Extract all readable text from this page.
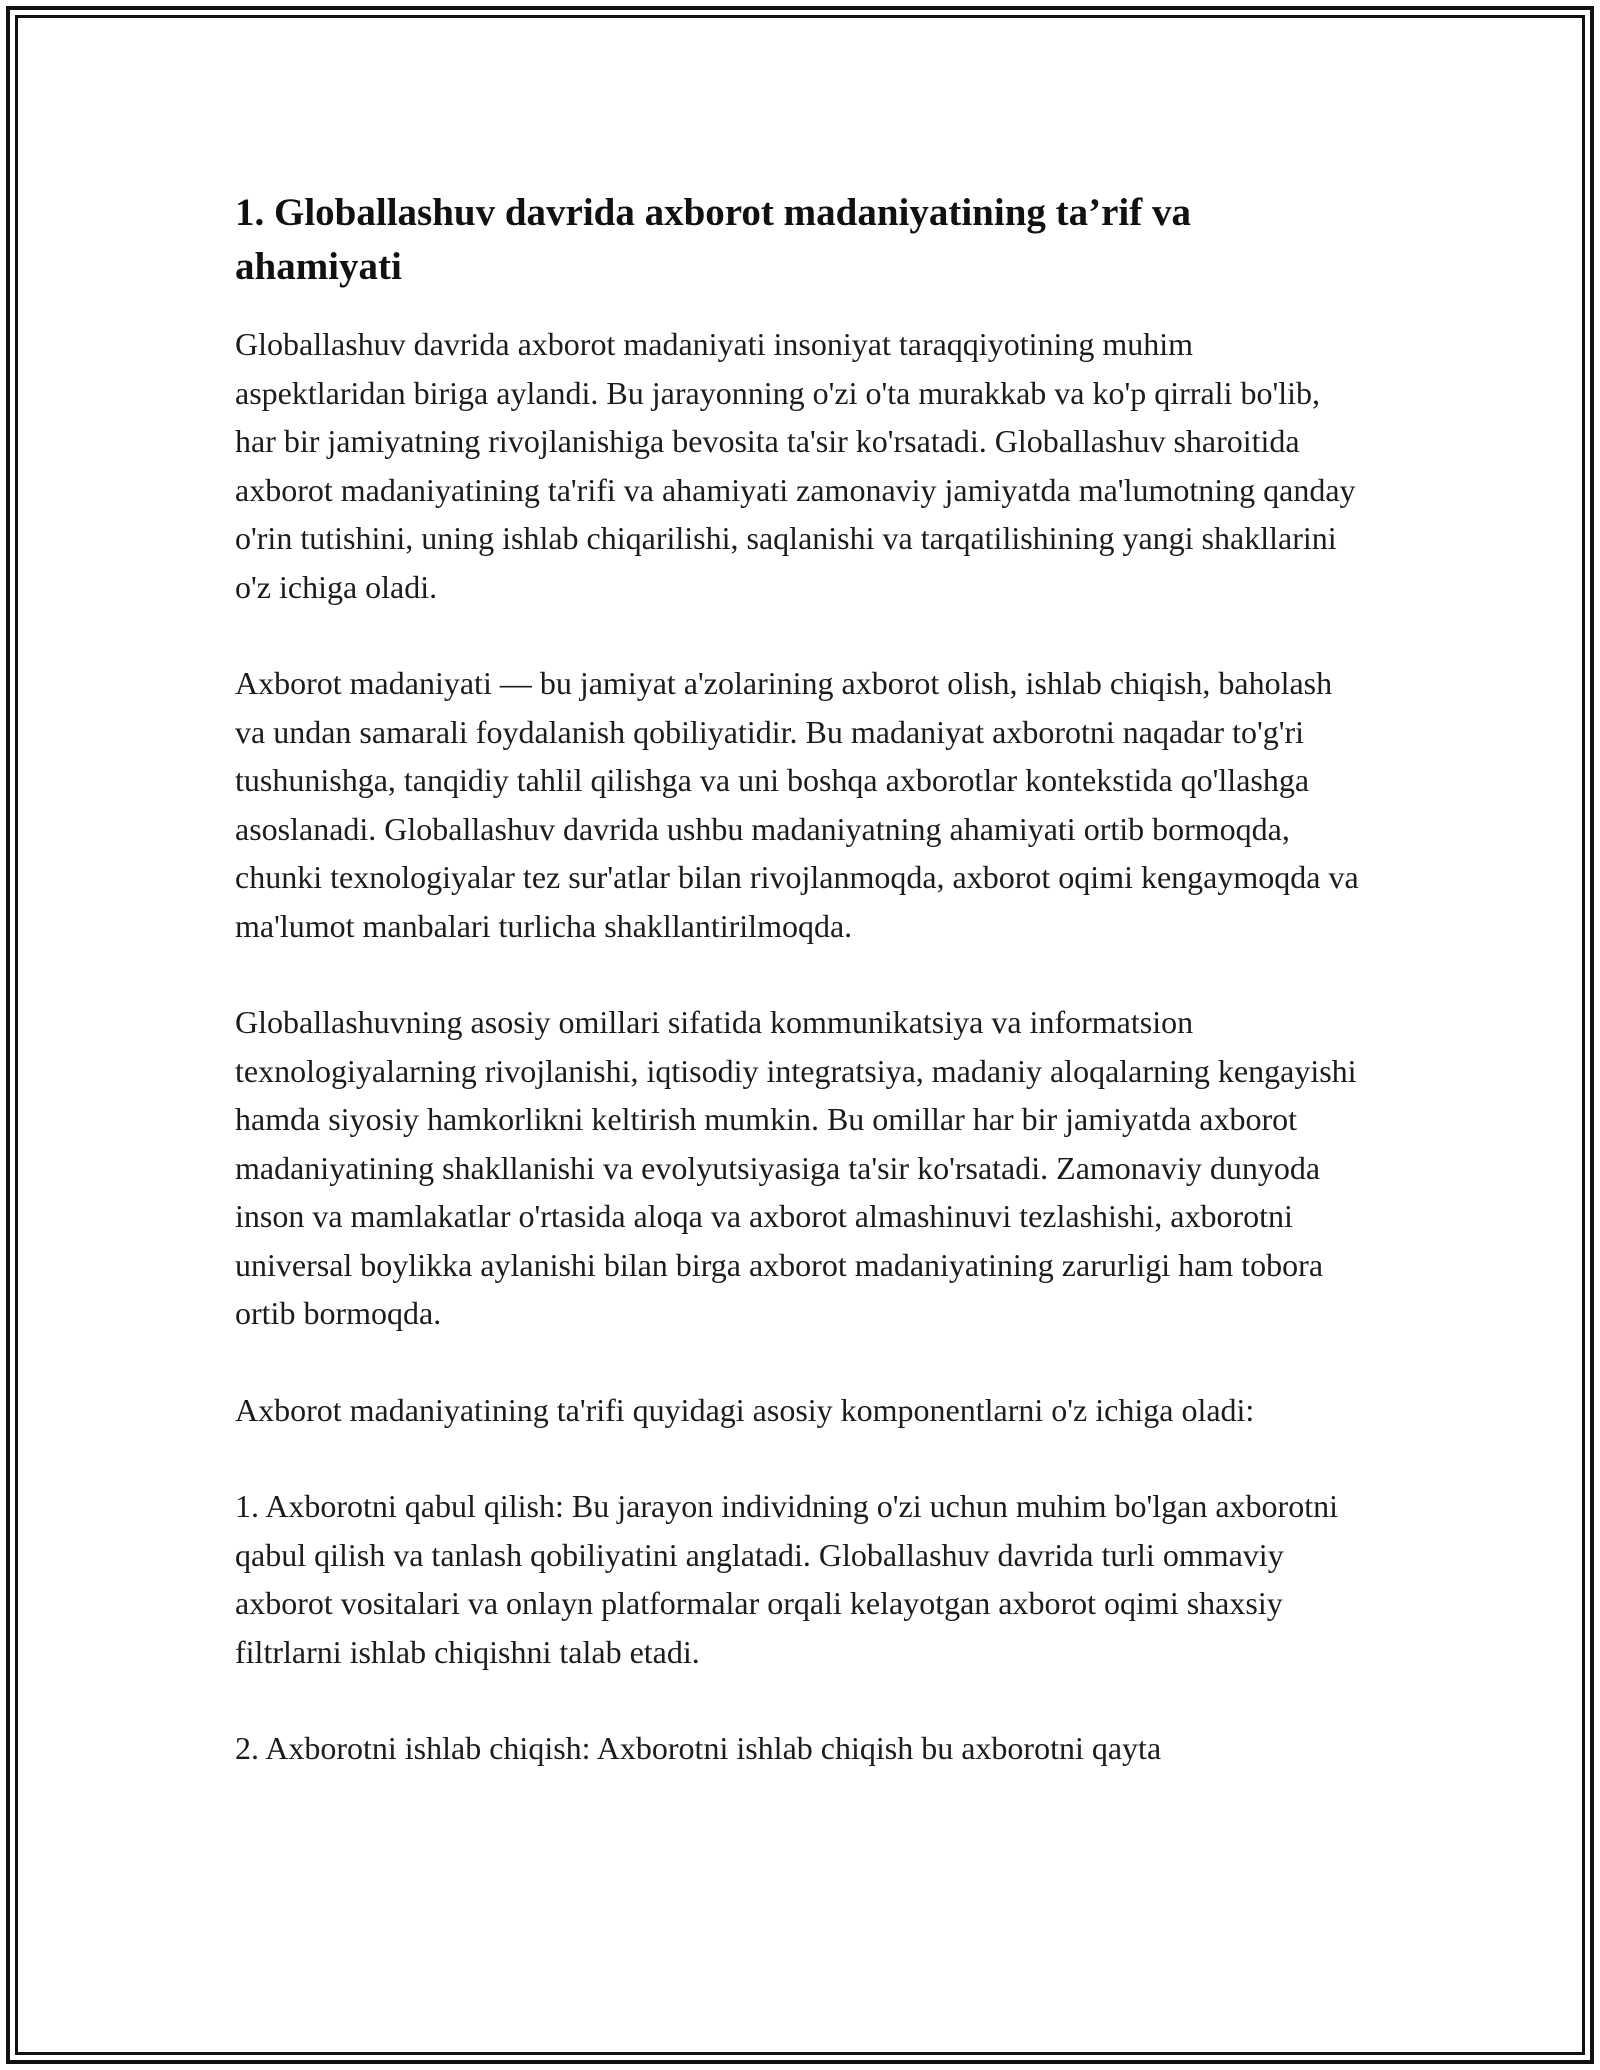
1. Globallashuv davrida axborot madaniyatining ta’rif va ahamiyati

Globallashuv davrida axborot madaniyati insoniyat taraqqiyotining muhim aspektlaridan biriga aylandi. Bu jarayonning o'zi o'ta murakkab va ko'p qirrali bo'lib, har bir jamiyatning rivojlanishiga bevosita ta'sir ko'rsatadi. Globallashuv sharoitida axborot madaniyatining ta'rifi va ahamiyati zamonaviy jamiyatda ma'lumotning qanday o'rin tutishini, uning ishlab chiqarilishi, saqlanishi va tarqatilishining yangi shakllarini o'z ichiga oladi.

Axborot madaniyati — bu jamiyat a'zolarining axborot olish, ishlab chiqish, baholash va undan samarali foydalanish qobiliyatidir. Bu madaniyat axborotni naqadar to'g'ri tushunishga, tanqidiy tahlil qilishga va uni boshqa axborotlar kontekstida qo'llashga asoslanadi. Globallashuv davrida ushbu madaniyatning ahamiyati ortib bormoqda, chunki texnologiyalar tez sur'atlar bilan rivojlanmoqda, axborot oqimi kengaymoqda va ma'lumot manbalari turlicha shakllantirilmoqda.

Globallashuvning asosiy omillari sifatida kommunikatsiya va informatsion texnologiyalarning rivojlanishi, iqtisodiy integratsiya, madaniy aloqalarning kengayishi hamda siyosiy hamkorlikni keltirish mumkin. Bu omillar har bir jamiyatda axborot madaniyatining shakllanishi va evolyutsiyasiga ta'sir ko'rsatadi. Zamonaviy dunyoda inson va mamlakatlar o'rtasida aloqa va axborot almashinuvi tezlashishi, axborotni universal boylikka aylanishi bilan birga axborot madaniyatining zarurligi ham tobora ortib bormoqda.

Axborot madaniyatining ta'rifi quyidagi asosiy komponentlarni o'z ichiga oladi:

1. Axborotni qabul qilish: Bu jarayon individning o'zi uchun muhim bo'lgan axborotni qabul qilish va tanlash qobiliyatini anglatadi. Globallashuv davrida turli ommaviy axborot vositalari va onlayn platformalar orqali kelayotgan axborot oqimi shaxsiy filtrlarni ishlab chiqishni talab etadi.

2. Axborotni ishlab chiqish: Axborotni ishlab chiqish bu axborotni qayta
